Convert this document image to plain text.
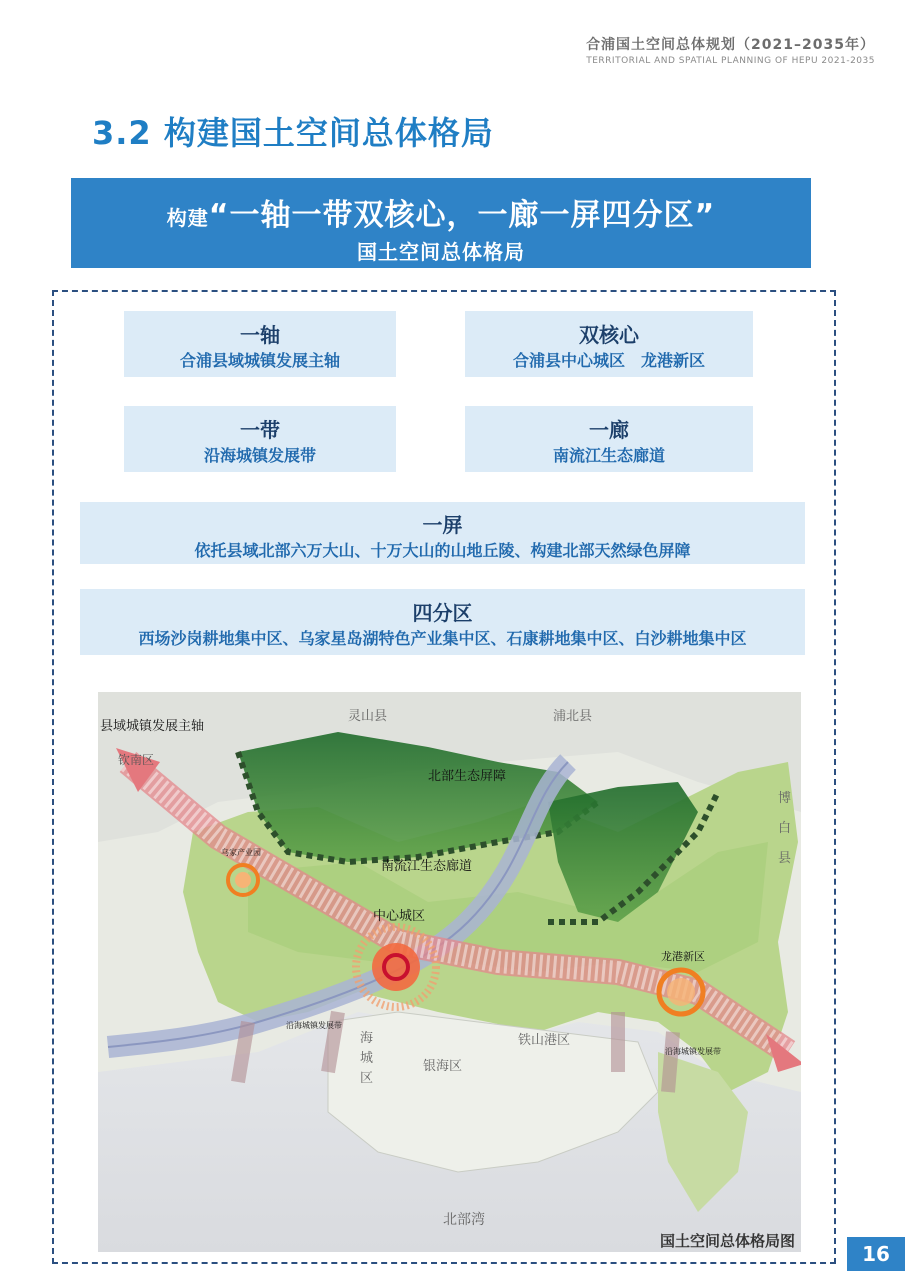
合浦国土空间总体规划（2021–2035年）
TERRITORIAL AND SPATIAL PLANNING OF HEPU 2021-2035
3.2 构建国土空间总体格局
构建“一轴一带双核心，一廊一屏四分区”
国土空间总体格局
一轴
合浦县域城镇发展主轴
双核心
合浦县中心城区　龙港新区
一带
沿海城镇发展带
一廊
南流江生态廊道
一屏
依托县域北部六万大山、十万大山的山地丘陵、构建北部天然绿色屏障
四分区
西场沙岗耕地集中区、乌家星岛湖特色产业集中区、石康耕地集中区、白沙耕地集中区
县域城镇发展主轴
灵山县	浦北县
北部生态屏障
南流江生态廊道
中心城区
龙港新区
乌家产业园
沿海城镇发展带
沿海城镇发展带
钦南区
铁山港区
银海区
海
城
区
博
白
县
北部湾
国土空间总体格局图
16
